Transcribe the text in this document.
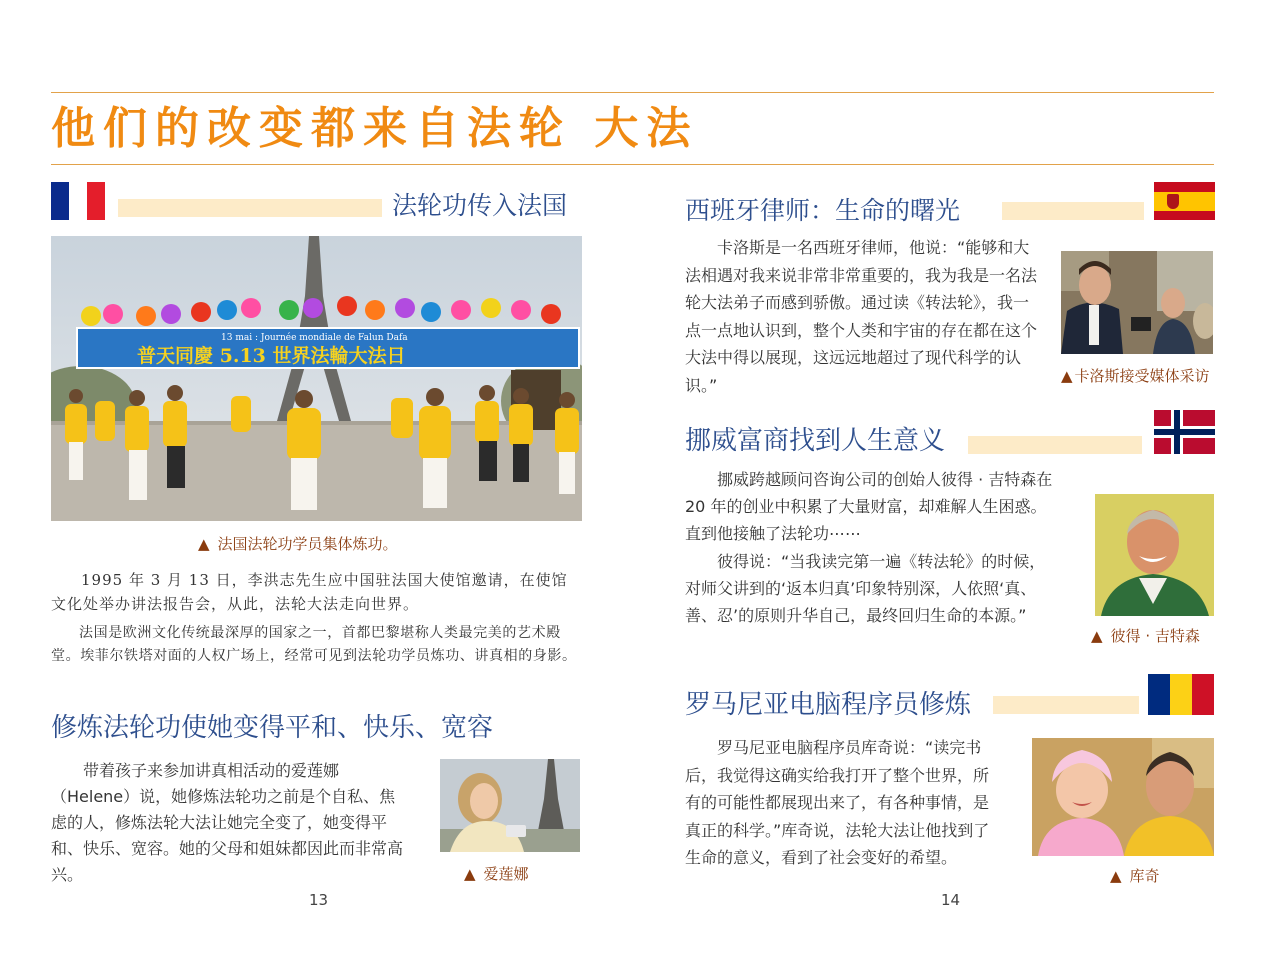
他们的改变都来自法轮 大法
法轮功传入法国
13 mai : Journée mondiale de Falun Dafa
普天同慶 5.13 世界法輪大法日
▲ 法国法轮功学员集体炼功。

1995 年 3 月 13 日，李洪志先生应中国驻法国大使馆邀请，在使馆文化处举办讲法报告会，从此，法轮大法走向世界。

法国是欧洲文化传统最深厚的国家之一，首都巴黎堪称人类最完美的艺术殿堂。埃菲尔铁塔对面的人权广场上，经常可见到法轮功学员炼功、讲真相的身影。

修炼法轮功使她变得平和、快乐、宽容

带着孩子来参加讲真相活动的爱莲娜（Helene）说，她修炼法轮功之前是个自私、焦虑的人，修炼法轮大法让她完全变了，她变得平和、快乐、宽容。她的父母和姐妹都因此而非常高兴。	▲ 爱莲娜
13
西班牙律师：生命的曙光

卡洛斯是一名西班牙律师，他说：“能够和大法相遇对我来说非常非常重要的，我为我是一名法轮大法弟子而感到骄傲。通过读《转法轮》，我一点一点地认识到，整个人类和宇宙的存在都在这个大法中得以展现，这远远地超过了现代科学的认识。”	▲ 卡洛斯接受媒体采访
挪威富商找到人生意义

挪威跨越顾问咨询公司的创始人彼得 · 吉特森在 20 年的创业中积累了大量财富，却难解人生困惑。直到他接触了法轮功⋯⋯

彼得说：“当我读完第一遍《转法轮》的时候，对师父讲到的‘返本归真’印象特别深，人依照‘真、善、忍’的原则升华自己，最终回归生命的本源。”

▲ 彼得 · 吉特森
罗马尼亚电脑程序员修炼

罗马尼亚电脑程序员库奇说：“读完书后，我觉得这确实给我打开了整个世界，所有的可能性都展现出来了，有各种事情，是真正的科学。”库奇说，法轮大法让他找到了生命的意义，看到了社会变好的希望。

▲ 库奇
14
